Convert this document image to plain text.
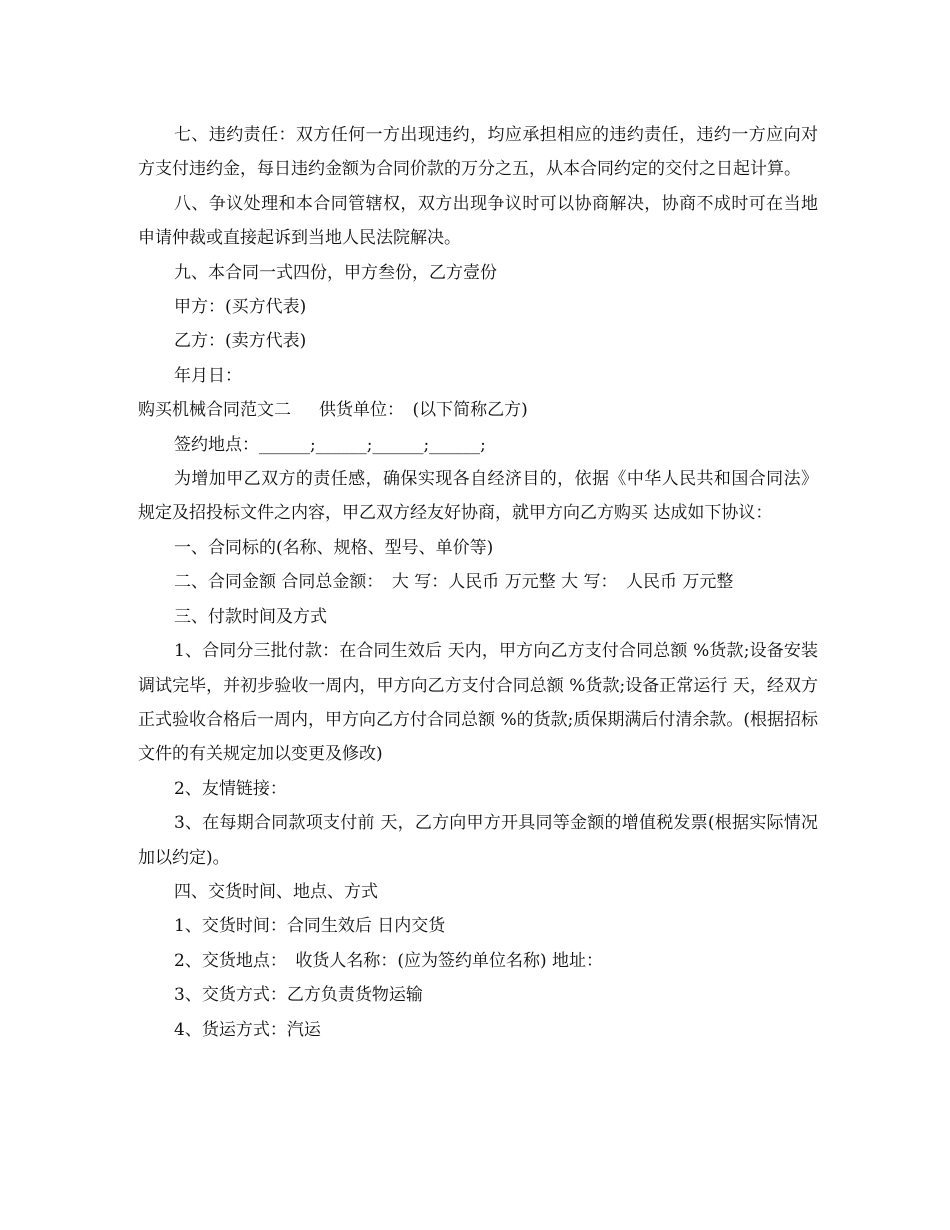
七、违约责任：双方任何一方出现违约，均应承担相应的违约责任，违约一方应向对方支付违约金，每日违约金额为合同价款的万分之五，从本合同约定的交付之日起计算。

八、争议处理和本合同管辖权，双方出现争议时可以协商解决，协商不成时可在当地申请仲裁或直接起诉到当地人民法院解决。

九、本合同一式四份，甲方叁份，乙方壹份

甲方：(买方代表)

乙方：(卖方代表)

年月日：

购买机械合同范文二 供货单位：　(以下简称乙方)

签约地点：______;______;______;______;

为增加甲乙双方的责任感，确保实现各自经济目的，依据《中华人民共和国合同法》规定及招投标文件之内容，甲乙双方经友好协商，就甲方向乙方购买 达成如下协议：

一、合同标的(名称、规格、型号、单价等)

二、合同金额 合同总金额：　大 写：人民币 万元整 大 写：　人民币 万元整

三、付款时间及方式

1、合同分三批付款：在合同生效后 天内，甲方向乙方支付合同总额 %货款;设备安装调试完毕，并初步验收一周内，甲方向乙方支付合同总额 %货款;设备正常运行 天，经双方正式验收合格后一周内，甲方向乙方付合同总额 %的货款;质保期满后付清余款。(根据招标文件的有关规定加以变更及修改)

2、友情链接：

3、在每期合同款项支付前 天，乙方向甲方开具同等金额的增值税发票(根据实际情况加以约定)。

四、交货时间、地点、方式

1、交货时间：合同生效后 日内交货

2、交货地点：　收货人名称：(应为签约单位名称) 地址：

3、交货方式：乙方负责货物运输

4、货运方式：汽运
